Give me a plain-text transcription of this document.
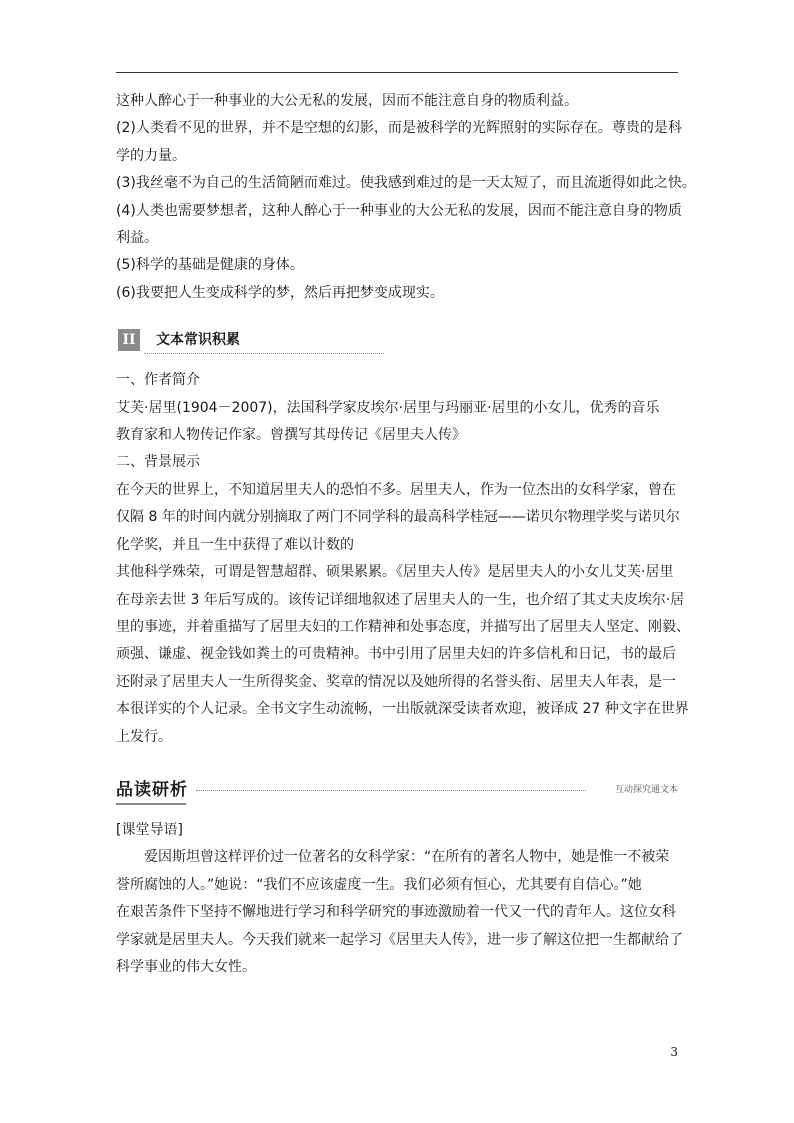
这种人醉心于一种事业的大公无私的发展，因而不能注意自身的物质利益。

(2)人类看不见的世界，并不是空想的幻影，而是被科学的光辉照射的实际存在。尊贵的是科

学的力量。

(3)我丝毫不为自己的生活简陋而难过。使我感到难过的是一天太短了，而且流逝得如此之快。

(4)人类也需要梦想者，这种人醉心于一种事业的大公无私的发展，因而不能注意自身的物质

利益。

(5)科学的基础是健康的身体。

(6)我要把人生变成科学的梦，然后再把梦变成现实。

II	文本常识积累

一、作者简介

艾芙·居里(1904－2007)，法国科学家皮埃尔·居里与玛丽亚·居里的小女儿，优秀的音乐

教育家和人物传记作家。曾撰写其母传记《居里夫人传》

二、背景展示

在今天的世界上，不知道居里夫人的恐怕不多。居里夫人，作为一位杰出的女科学家，曾在

仅隔 8 年的时间内就分别摘取了两门不同学科的最高科学桂冠——诺贝尔物理学奖与诺贝尔

化学奖，并且一生中获得了难以计数的

其他科学殊荣，可谓是智慧超群、硕果累累。《居里夫人传》是居里夫人的小女儿艾芙·居里

在母亲去世 3 年后写成的。该传记详细地叙述了居里夫人的一生，也介绍了其丈夫皮埃尔·居

里的事迹，并着重描写了居里夫妇的工作精神和处事态度，并描写出了居里夫人坚定、刚毅、

顽强、谦虚、视金钱如粪土的可贵精神。书中引用了居里夫妇的许多信札和日记，书的最后

还附录了居里夫人一生所得奖金、奖章的情况以及她所得的名誉头衔、居里夫人年表，是一

本很详实的个人记录。全书文字生动流畅，一出版就深受读者欢迎，被译成 27 种文字在世界

上发行。

品读研析	互动探究通文本

[课堂导语]

爱因斯坦曾这样评价过一位著名的女科学家：“在所有的著名人物中，她是惟一不被荣

誉所腐蚀的人。”她说：“我们不应该虚度一生。我们必须有恒心，尤其要有自信心。”她

在艰苦条件下坚持不懈地进行学习和科学研究的事迹激励着一代又一代的青年人。这位女科

学家就是居里夫人。今天我们就来一起学习《居里夫人传》，进一步了解这位把一生都献给了

科学事业的伟大女性。

3
